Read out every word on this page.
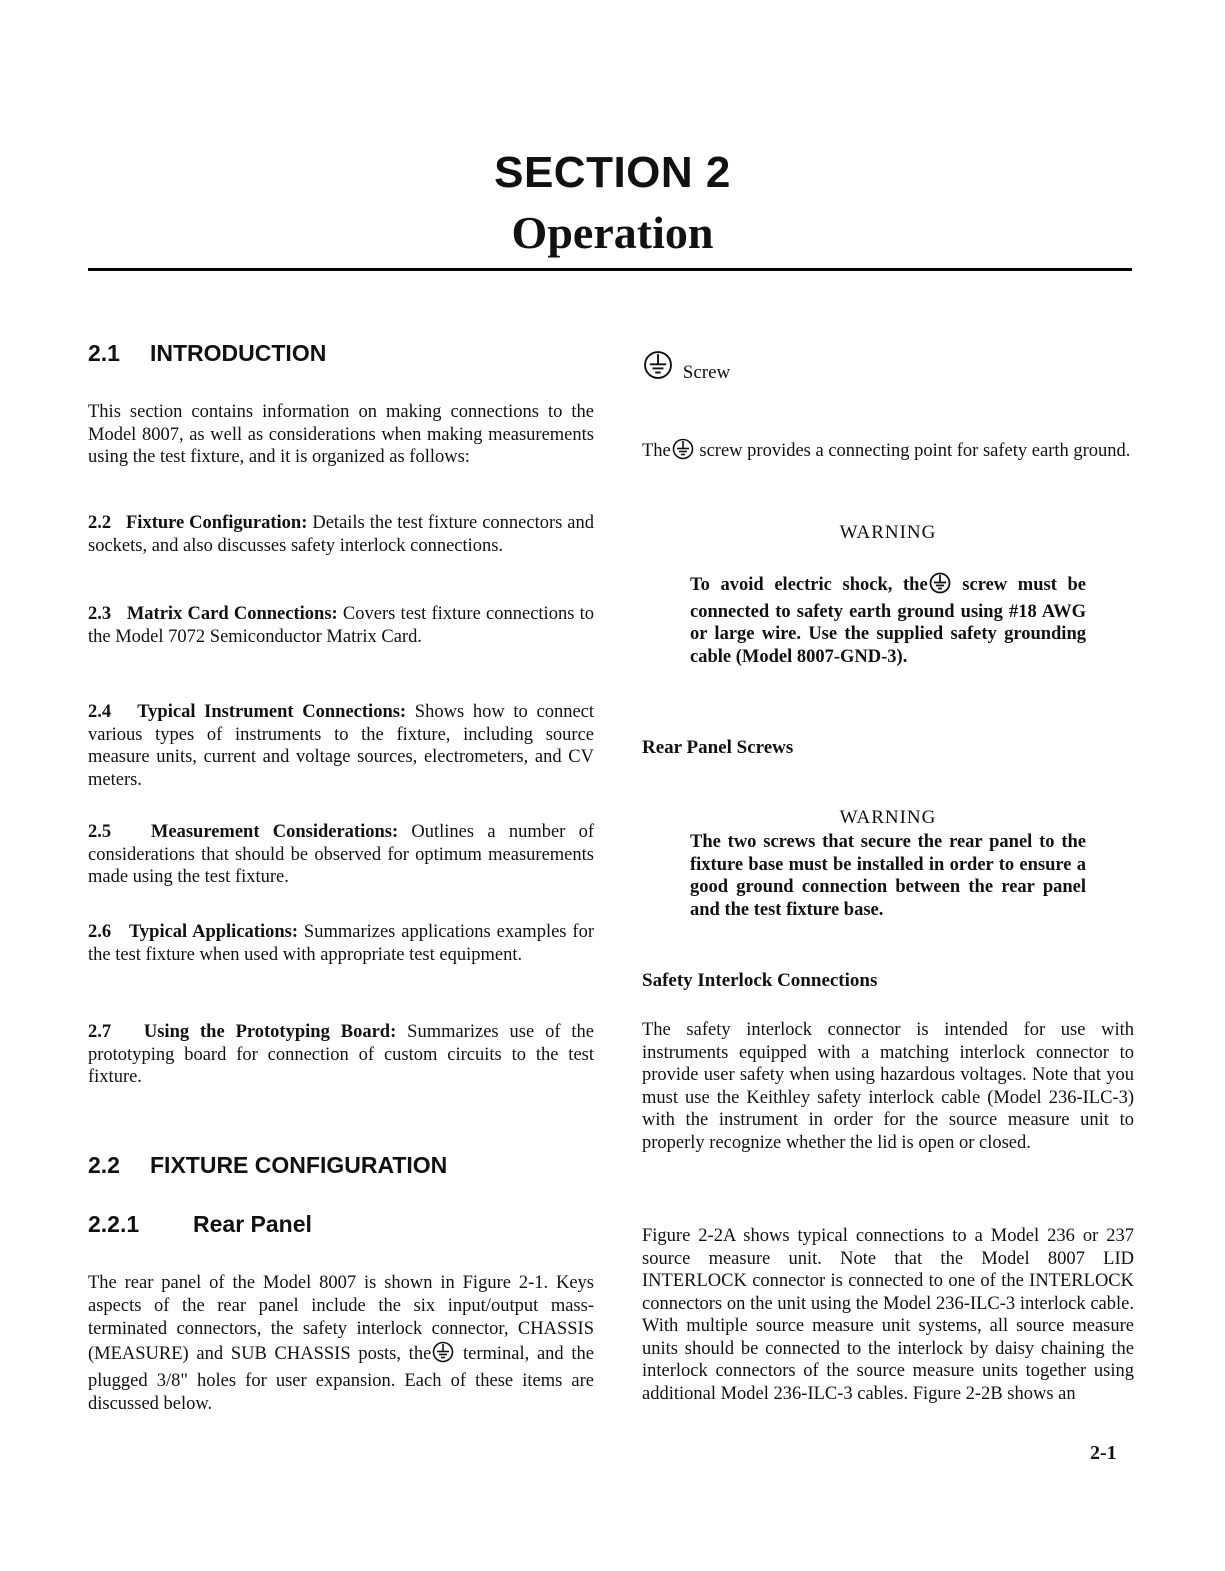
SECTION 2
Operation
2.1 INTRODUCTION

This section contains information on making connections to the Model 8007, as well as considerations when making measurements using the test fixture, and it is organized as follows:

2.2 Fixture Configuration: Details the test fixture connectors and sockets, and also discusses safety interlock connections.

2.3 Matrix Card Connections: Covers test fixture connections to the Model 7072 Semiconductor Matrix Card.

2.4 Typical Instrument Connections: Shows how to connect various types of instruments to the fixture, including source measure units, current and voltage sources, electrometers, and CV meters.

2.5 Measurement Considerations: Outlines a number of considerations that should be observed for optimum measurements made using the test fixture.

2.6 Typical Applications: Summarizes applications examples for the test fixture when used with appropriate test equipment.

2.7 Using the Prototyping Board: Summarizes use of the prototyping board for connection of custom circuits to the test fixture.

2.2 FIXTURE CONFIGURATION
2.2.1 Rear Panel

The rear panel of the Model 8007 is shown in Figure 2-1. Keys aspects of the rear panel include the six input/output mass-terminated connectors, the safety interlock connector, CHASSIS (MEASURE) and SUB CHASSIS posts, the terminal, and the plugged 3/8" holes for user expansion. Each of these items are discussed below.

Screw

The screw provides a connecting point for safety earth ground.

WARNING

To avoid electric shock, the screw must be connected to safety earth ground using #18 AWG or large wire. Use the supplied safety grounding cable (Model 8007-GND-3).

Rear Panel Screws
WARNING

The two screws that secure the rear panel to the fixture base must be installed in order to ensure a good ground connection between the rear panel and the test fixture base.

Safety Interlock Connections

The safety interlock connector is intended for use with instruments equipped with a matching interlock connector to provide user safety when using hazardous voltages. Note that you must use the Keithley safety interlock cable (Model 236-ILC-3) with the instrument in order for the source measure unit to properly recognize whether the lid is open or closed.

Figure 2-2A shows typical connections to a Model 236 or 237 source measure unit. Note that the Model 8007 LID INTERLOCK connector is connected to one of the INTERLOCK connectors on the unit using the Model 236-ILC-3 interlock cable. With multiple source measure unit systems, all source measure units should be connected to the interlock by daisy chaining the interlock connectors of the source measure units together using additional Model 236-ILC-3 cables. Figure 2-2B shows an

2-1
